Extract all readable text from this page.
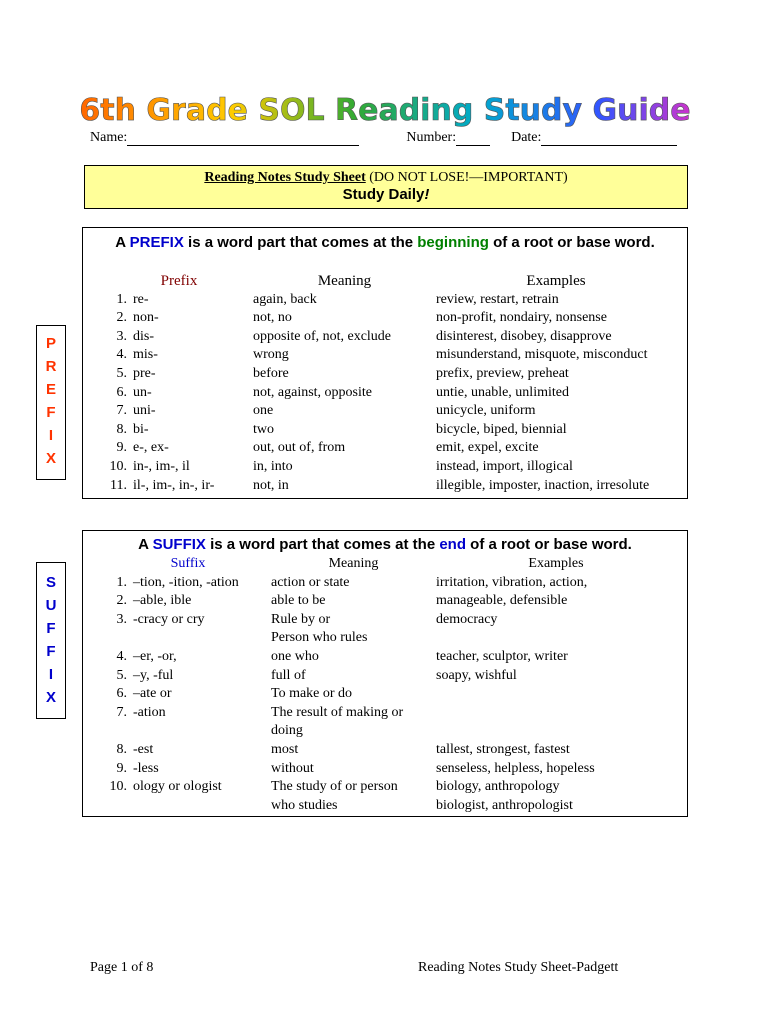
6th Grade SOL Reading Study Guide
Name:	Number:	Date:
Reading Notes Study Sheet (DO NOT LOSE!—IMPORTANT)
Study Daily!
P
R
E
F
I
X
A PREFIX is a word part that comes at the beginning of a root or base word.
Prefix	Meaning	Examples
1. re-	again, back	review, restart, retrain
2. non-	not, no	non-profit, nondairy, nonsense
3. dis-	opposite of, not, exclude	disinterest, disobey, disapprove
4. mis-	wrong	misunderstand, misquote, misconduct
5. pre-	before	prefix, preview, preheat
6. un-	not, against, opposite	untie, unable, unlimited
7. uni-	one	unicycle, uniform
8. bi-	two	bicycle, biped, biennial
9. e-, ex-	out, out of, from	emit, expel, excite
10. in-, im-, il	in, into	instead, import, illogical
11. il-, im-, in-, ir-	not, in	illegible, imposter, inaction, irresolute
S
U
F
F
I
X
A SUFFIX is a word part that comes at the end of a root or base word.
Suffix	Meaning	Examples
1. –tion, -ition, -ation	action or state	irritation, vibration, action,
2. –able, ible	able to be	manageable, defensible
3. -cracy or cry	Rule by or	democracy
	Person who rules	
4. –er, -or,	one who	teacher, sculptor, writer
5. –y, -ful	full of	soapy, wishful
6. –ate or	To make or do	
7. -ation	The result of making or	
	doing	
8. -est	most	tallest, strongest, fastest
9. -less	without	senseless, helpless, hopeless
10. ology or ologist	The study of or person	biology, anthropology
	who studies	biologist, anthropologist
Page 1 of 8	Reading Notes Study Sheet-Padgett
